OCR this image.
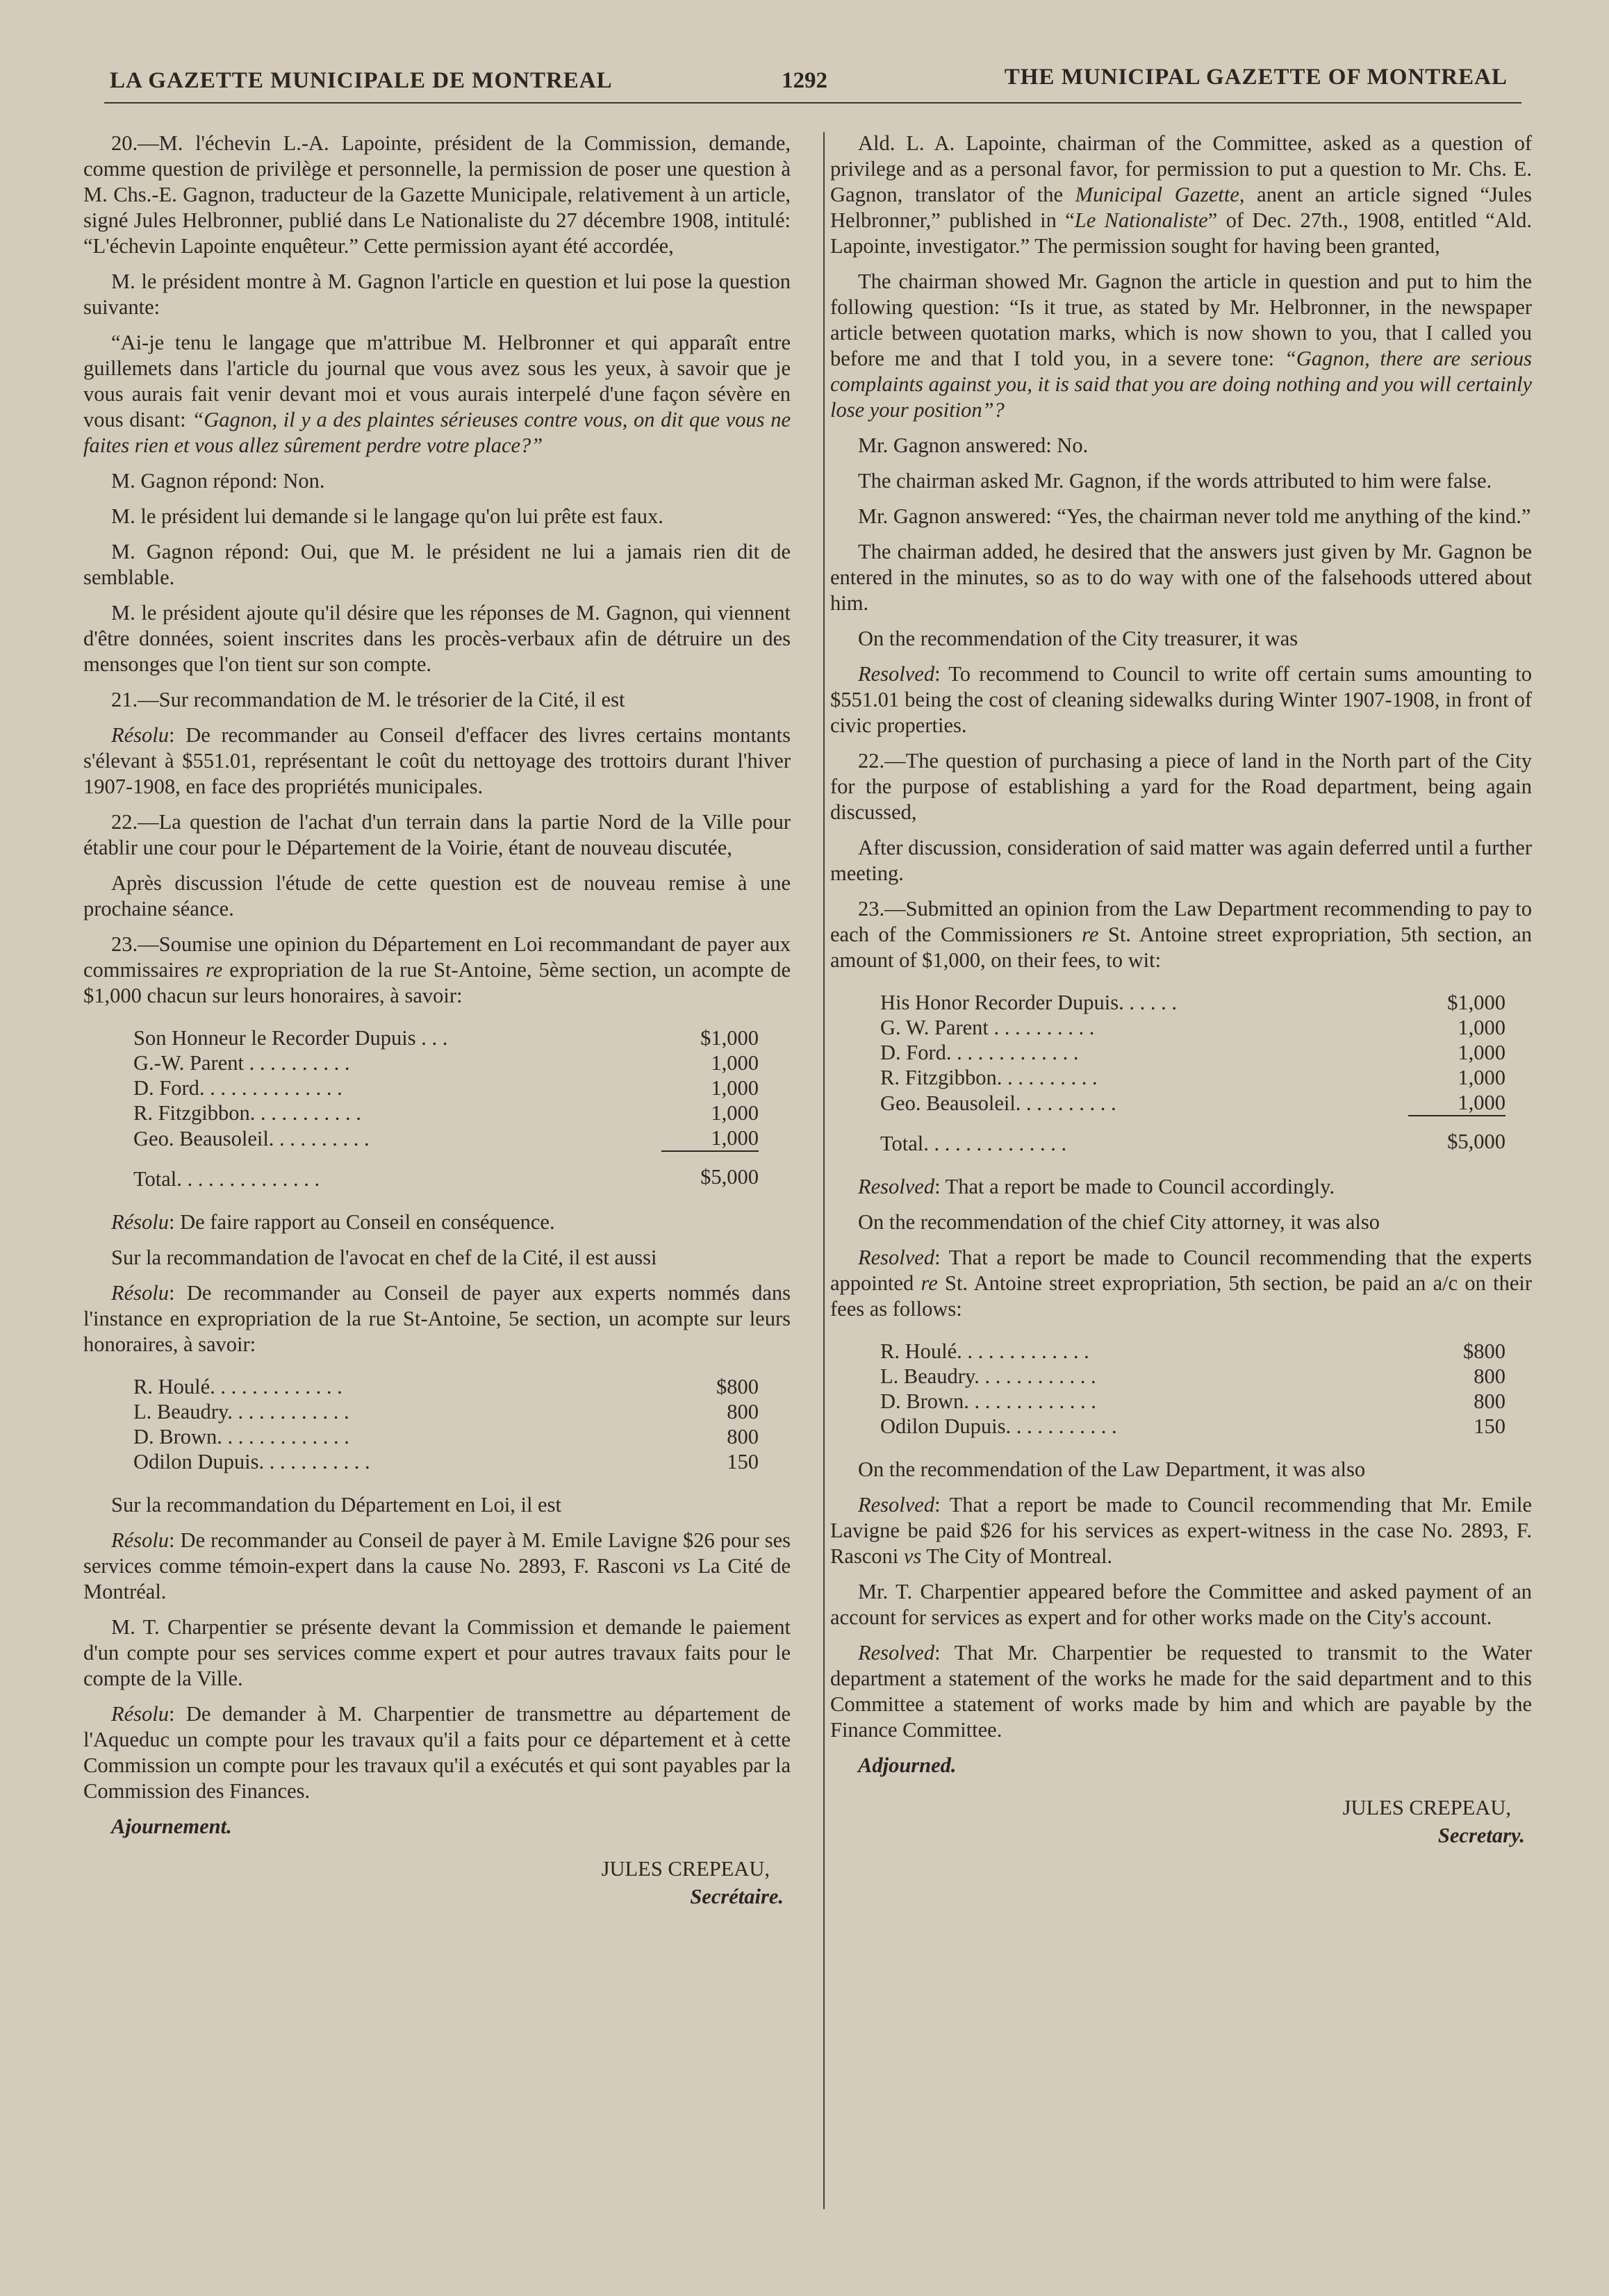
LA GAZETTE MUNICIPALE DE MONTREAL	1292	THE MUNICIPAL GAZETTE OF MONTREAL

20.—M. l'échevin L.-A. Lapointe, président de la Commission, demande, comme question de privilège et personnelle, la permission de poser une question à M. Chs.-E. Gagnon, traducteur de la Gazette Municipale, relativement à un article, signé Jules Helbronner, publié dans Le Nationaliste du 27 décembre 1908, intitulé: “L'échevin Lapointe enquêteur.” Cette permission ayant été accordée,

M. le président montre à M. Gagnon l'article en question et lui pose la question suivante:

“Ai-je tenu le langage que m'attribue M. Helbronner et qui apparaît entre guillemets dans l'article du journal que vous avez sous les yeux, à savoir que je vous aurais fait venir devant moi et vous aurais interpelé d'une façon sévère en vous disant: “Gagnon, il y a des plaintes sérieuses contre vous, on dit que vous ne faites rien et vous allez sûrement perdre votre place?”

M. Gagnon répond: Non.

M. le président lui demande si le langage qu'on lui prête est faux.

M. Gagnon répond: Oui, que M. le président ne lui a jamais rien dit de semblable.

M. le président ajoute qu'il désire que les réponses de M. Gagnon, qui viennent d'être données, soient inscrites dans les procès-verbaux afin de détruire un des mensonges que l'on tient sur son compte.

21.—Sur recommandation de M. le trésorier de la Cité, il est

Résolu: De recommander au Conseil d'effacer des livres certains montants s'élevant à $551.01, représentant le coût du nettoyage des trottoirs durant l'hiver 1907-1908, en face des propriétés municipales.

22.—La question de l'achat d'un terrain dans la partie Nord de la Ville pour établir une cour pour le Département de la Voirie, étant de nouveau discutée,

Après discussion l'étude de cette question est de nouveau remise à une prochaine séance.

23.—Soumise une opinion du Département en Loi recommandant de payer aux commissaires re expropriation de la rue St-Antoine, 5ème section, un acompte de $1,000 chacun sur leurs honoraires, à savoir:

Son Honneur le Recorder Dupuis . . .	$1,000
G.-W. Parent . . . . . . . . . .	1,000
D. Ford. . . . . . . . . . . . . .	1,000
R. Fitzgibbon. . . . . . . . . . .	1,000
Geo. Beausoleil. . . . . . . . . .	1,000
Total. . . . . . . . . . . . . .	$5,000

Résolu: De faire rapport au Conseil en conséquence.

Sur la recommandation de l'avocat en chef de la Cité, il est aussi

Résolu: De recommander au Conseil de payer aux experts nommés dans l'instance en expropriation de la rue St-Antoine, 5e section, un acompte sur leurs honoraires, à savoir:

R. Houlé. . . . . . . . . . . . .	$800
L. Beaudry. . . . . . . . . . . .	800
D. Brown. . . . . . . . . . . . .	800
Odilon Dupuis. . . . . . . . . . .	150

Sur la recommandation du Département en Loi, il est

Résolu: De recommander au Conseil de payer à M. Emile Lavigne $26 pour ses services comme témoin-expert dans la cause No. 2893, F. Rasconi vs La Cité de Montréal.

M. T. Charpentier se présente devant la Commission et demande le paiement d'un compte pour ses services comme expert et pour autres travaux faits pour le compte de la Ville.

Résolu: De demander à M. Charpentier de transmettre au département de l'Aqueduc un compte pour les travaux qu'il a faits pour ce département et à cette Commission un compte pour les travaux qu'il a exécutés et qui sont payables par la Commission des Finances.

Ajournement.
JULES CREPEAU,
Secrétaire.

Ald. L. A. Lapointe, chairman of the Committee, asked as a question of privilege and as a personal favor, for permission to put a question to Mr. Chs. E. Gagnon, translator of the Municipal Gazette, anent an article signed “Jules Helbronner,” published in “Le Nationaliste” of Dec. 27th., 1908, entitled “Ald. Lapointe, investigator.” The permission sought for having been granted,

The chairman showed Mr. Gagnon the article in question and put to him the following question: “Is it true, as stated by Mr. Helbronner, in the newspaper article between quotation marks, which is now shown to you, that I called you before me and that I told you, in a severe tone: “Gagnon, there are serious complaints against you, it is said that you are doing nothing and you will certainly lose your position”?

Mr. Gagnon answered: No.

The chairman asked Mr. Gagnon, if the words attributed to him were false.

Mr. Gagnon answered: “Yes, the chairman never told me anything of the kind.”

The chairman added, he desired that the answers just given by Mr. Gagnon be entered in the minutes, so as to do way with one of the falsehoods uttered about him.

On the recommendation of the City treasurer, it was

Resolved: To recommend to Council to write off certain sums amounting to $551.01 being the cost of cleaning sidewalks during Winter 1907-1908, in front of civic properties.

22.—The question of purchasing a piece of land in the North part of the City for the purpose of establishing a yard for the Road department, being again discussed,

After discussion, consideration of said matter was again deferred until a further meeting.

23.—Submitted an opinion from the Law Department recommending to pay to each of the Commissioners re St. Antoine street expropriation, 5th section, an amount of $1,000, on their fees, to wit:

His Honor Recorder Dupuis. . . . . .	$1,000
G. W. Parent . . . . . . . . . .	1,000
D. Ford. . . . . . . . . . . . .	1,000
R. Fitzgibbon. . . . . . . . . .	1,000
Geo. Beausoleil. . . . . . . . . .	1,000
Total. . . . . . . . . . . . . .	$5,000

Resolved: That a report be made to Council accordingly.

On the recommendation of the chief City attorney, it was also

Resolved: That a report be made to Council recommending that the experts appointed re St. Antoine street expropriation, 5th section, be paid an a/c on their fees as follows:

R. Houlé. . . . . . . . . . . . .	$800
L. Beaudry. . . . . . . . . . . .	800
D. Brown. . . . . . . . . . . . .	800
Odilon Dupuis. . . . . . . . . . .	150

On the recommendation of the Law Department, it was also

Resolved: That a report be made to Council recommending that Mr. Emile Lavigne be paid $26 for his services as expert-witness in the case No. 2893, F. Rasconi vs The City of Montreal.

Mr. T. Charpentier appeared before the Committee and asked payment of an account for services as expert and for other works made on the City's account.

Resolved: That Mr. Charpentier be requested to transmit to the Water department a statement of the works he made for the said department and to this Committee a statement of works made by him and which are payable by the Finance Committee.

Adjourned.
JULES CREPEAU,
Secretary.
